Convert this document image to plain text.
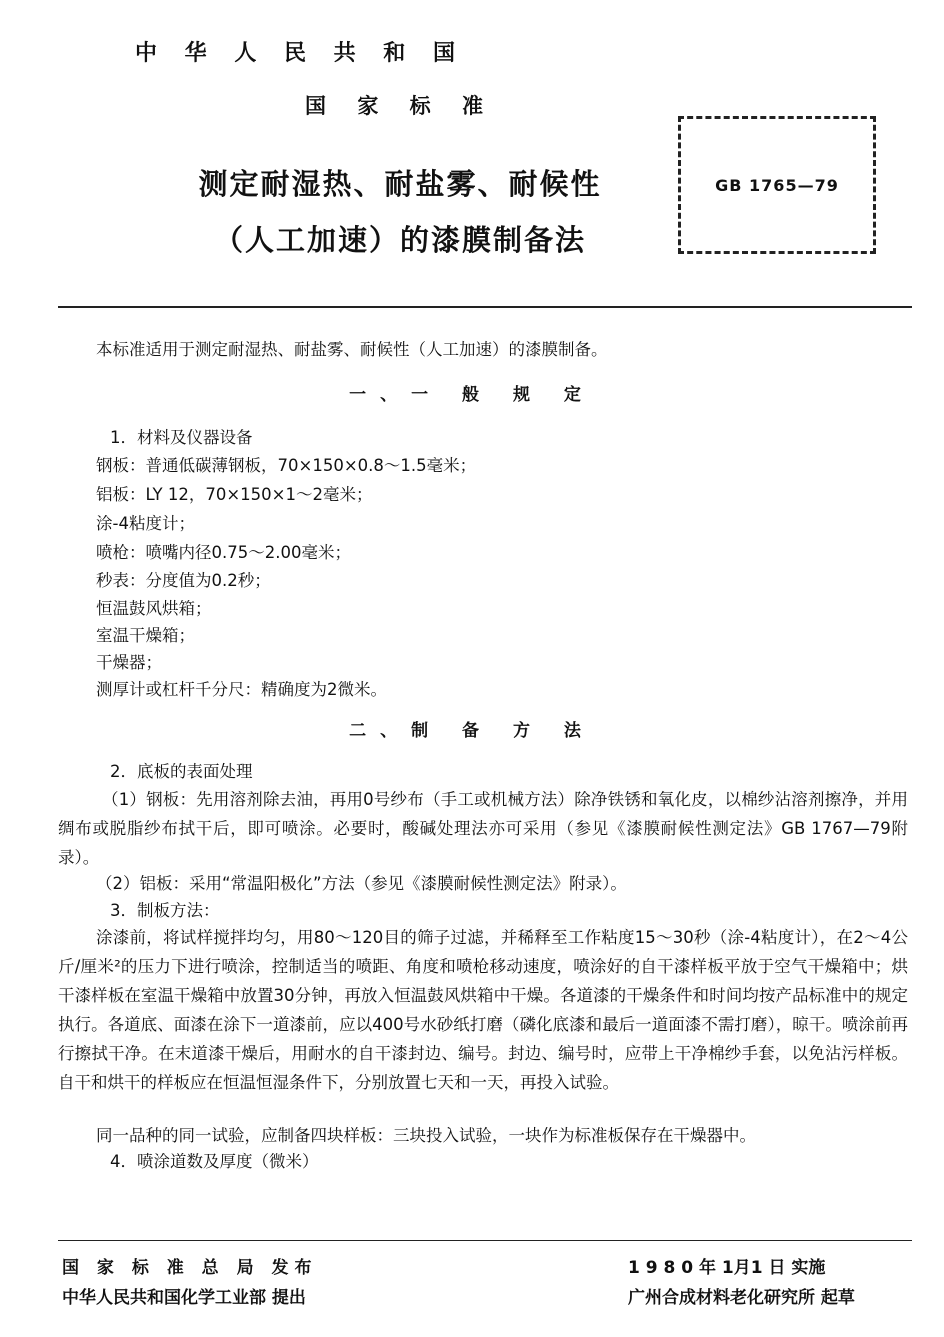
中 华 人 民 共 和 国
国 家 标 准
测定耐湿热、耐盐雾、耐候性
（人工加速）的漆膜制备法
GB 1765—79
本标准适用于测定耐湿热、耐盐雾、耐候性（人工加速）的漆膜制备。
一、一 般 规 定
1．材料及仪器设备
钢板：普通低碳薄钢板，70×150×0.8～1.5毫米；
铝板：LY 12，70×150×1～2毫米；
涂-4粘度计；
喷枪：喷嘴内径0.75～2.00毫米；
秒表：分度值为0.2秒；
恒温鼓风烘箱；
室温干燥箱；
干燥器；
测厚计或杠杆千分尺：精确度为2微米。
二、制 备 方 法
2．底板的表面处理
（1）钢板：先用溶剂除去油，再用0号纱布（手工或机械方法）除净铁锈和氧化皮，以棉纱沾溶剂擦净，并用绸布或脱脂纱布拭干后，即可喷涂。必要时，酸碱处理法亦可采用（参见《漆膜耐候性测定法》GB 1767—79附录）。
（2）铝板：采用“常温阳极化”方法（参见《漆膜耐候性测定法》附录）。
3．制板方法：
涂漆前，将试样搅拌均匀，用80～120目的筛子过滤，并稀释至工作粘度15～30秒（涂-4粘度计），在2～4公斤/厘米²的压力下进行喷涂，控制适当的喷距、角度和喷枪移动速度，喷涂好的自干漆样板平放于空气干燥箱中；烘干漆样板在室温干燥箱中放置30分钟，再放入恒温鼓风烘箱中干燥。各道漆的干燥条件和时间均按产品标准中的规定执行。各道底、面漆在涂下一道漆前，应以400号水砂纸打磨（磷化底漆和最后一道面漆不需打磨），晾干。喷涂前再行擦拭干净。在末道漆干燥后，用耐水的自干漆封边、编号。封边、编号时，应带上干净棉纱手套，以免沾污样板。自干和烘干的样板应在恒温恒湿条件下，分别放置七天和一天，再投入试验。
同一品种的同一试验，应制备四块样板：三块投入试验，一块作为标准板保存在干燥器中。
4．喷涂道数及厚度（微米）
国 家 标 准 总 局 发布
中华人民共和国化学工业部 提出
1 9 8 0 年 1月1 日 实施
广州合成材料老化研究所 起草
